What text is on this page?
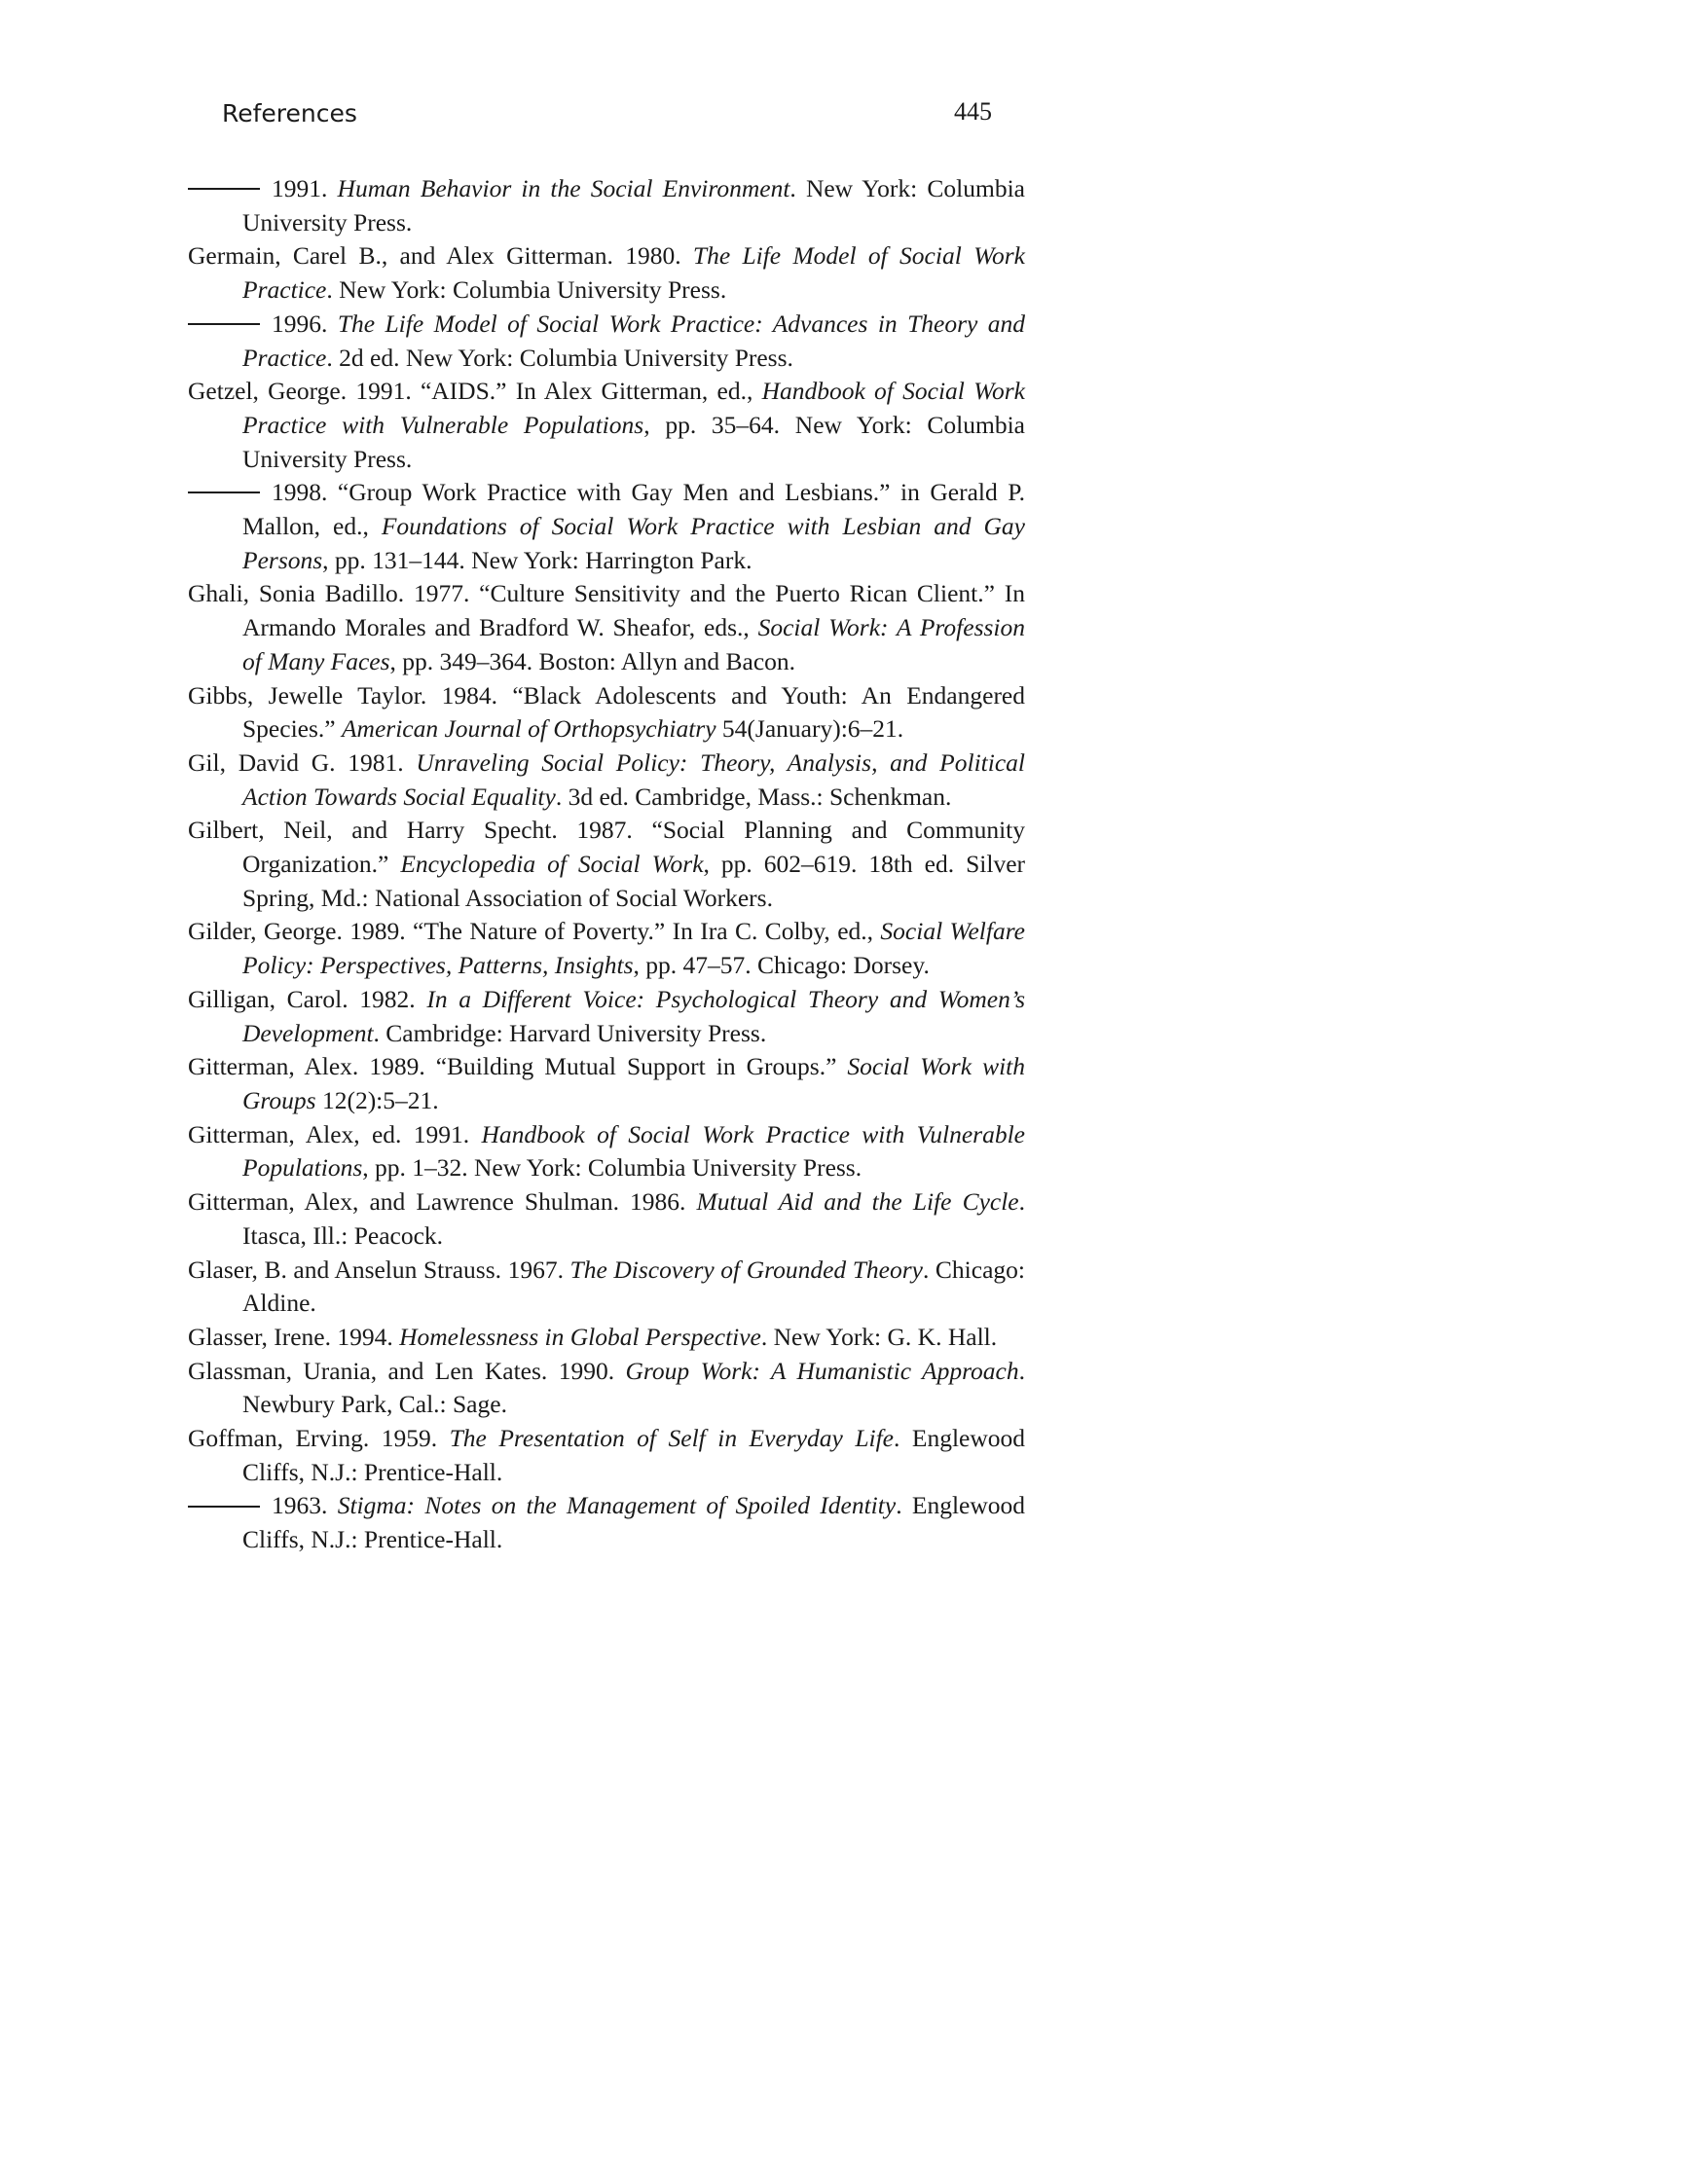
References	445

1991. Human Behavior in the Social Environment. New York: Columbia University Press.

Germain, Carel B., and Alex Gitterman. 1980. The Life Model of Social Work Practice. New York: Columbia University Press.

1996. The Life Model of Social Work Practice: Advances in Theory and Practice. 2d ed. New York: Columbia University Press.

Getzel, George. 1991. “AIDS.” In Alex Gitterman, ed., Handbook of Social Work Practice with Vulnerable Populations, pp. 35–64. New York: Columbia University Press.

1998. “Group Work Practice with Gay Men and Lesbians.” in Gerald P. Mallon, ed., Foundations of Social Work Practice with Lesbian and Gay Persons, pp. 131–144. New York: Harrington Park.

Ghali, Sonia Badillo. 1977. “Culture Sensitivity and the Puerto Rican Client.” In Armando Morales and Bradford W. Sheafor, eds., Social Work: A Profession of Many Faces, pp. 349–364. Boston: Allyn and Bacon.

Gibbs, Jewelle Taylor. 1984. “Black Adolescents and Youth: An Endangered Species.” American Journal of Orthopsychiatry 54(January):6–21.

Gil, David G. 1981. Unraveling Social Policy: Theory, Analysis, and Political Action Towards Social Equality. 3d ed. Cambridge, Mass.: Schenkman.

Gilbert, Neil, and Harry Specht. 1987. “Social Planning and Community Organization.” Encyclopedia of Social Work, pp. 602–619. 18th ed. Silver Spring, Md.: National Association of Social Workers.

Gilder, George. 1989. “The Nature of Poverty.” In Ira C. Colby, ed., Social Welfare Policy: Perspectives, Patterns, Insights, pp. 47–57. Chicago: Dorsey.

Gilligan, Carol. 1982. In a Different Voice: Psychological Theory and Women’s Development. Cambridge: Harvard University Press.

Gitterman, Alex. 1989. “Building Mutual Support in Groups.” Social Work with Groups 12(2):5–21.

Gitterman, Alex, ed. 1991. Handbook of Social Work Practice with Vulnerable Populations, pp. 1–32. New York: Columbia University Press.

Gitterman, Alex, and Lawrence Shulman. 1986. Mutual Aid and the Life Cycle. Itasca, Ill.: Peacock.

Glaser, B. and Anselun Strauss. 1967. The Discovery of Grounded Theory. Chicago: Aldine.

Glasser, Irene. 1994. Homelessness in Global Perspective. New York: G. K. Hall.

Glassman, Urania, and Len Kates. 1990. Group Work: A Humanistic Approach. Newbury Park, Cal.: Sage.

Goffman, Erving. 1959. The Presentation of Self in Everyday Life. Englewood Cliffs, N.J.: Prentice-Hall.

1963. Stigma: Notes on the Management of Spoiled Identity. Englewood Cliffs, N.J.: Prentice-Hall.
